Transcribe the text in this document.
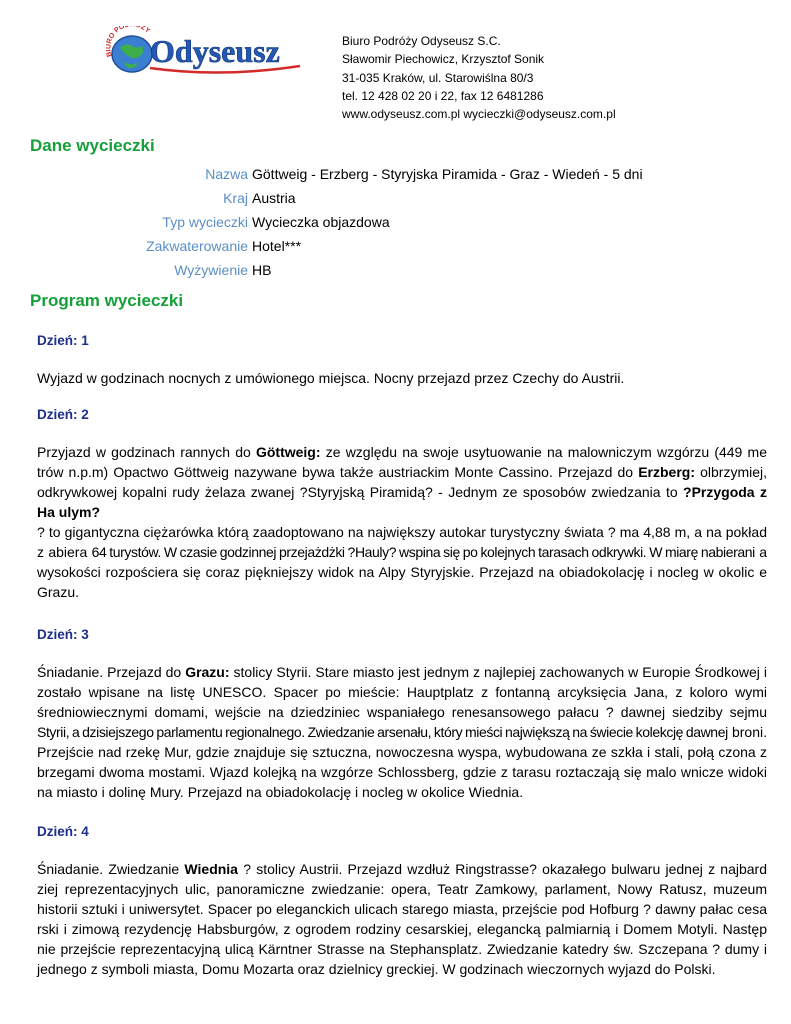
BIURO PO ŻY
Odyseusz	Biuro Podróży Odyseusz S.C.
Sławomir Piechowicz, Krzysztof Sonik
31-035 Kraków, ul. Starowiślna 80/3
tel. 12 428 02 20 i 22, fax 12 6481286
www.odyseusz.com.pl wycieczki@odyseusz.com.pl
Dane wycieczki
Nazwa Göttweig - Erzberg - Styryjska Piramida - Graz - Wiedeń - 5 dni
Kraj Austria
Typ wycieczki Wycieczka objazdowa
Zakwaterowanie Hotel***
Wyżywienie HB
Program wycieczki
Dzień: 1

Wyjazd w godzinach nocnych z umówionego miejsca. Nocny przejazd przez Czechy do Austrii.

Dzień: 2

Przyjazd w godzinach rannych do Göttweig: ze względu na swoje usytuowanie na malowniczym wzgórzu (449 me trów n.p.m) Opactwo Göttweig nazywane bywa także austriackim Monte Cassino. Przejazd do Erzberg: olbrzymiej, odkrywkowej kopalni rudy żelaza zwanej ?Styryjską Piramidą? - Jednym ze sposobów zwiedzania to ?Przygoda z Ha ulym?

? to gigantyczna ciężarówka którą zaadoptowano na największy autokar turystyczny świata ? ma 4,88 m, a na pokład z abiera 64 turystów. W czasie godzinnej przejażdżki ?Hauly? wspina się po kolejnych tarasach odkrywki. W miarę nabierani a wysokości rozpościera się coraz piękniejszy widok na Alpy Styryjskie. Przejazd na obiadokolację i nocleg w okolic e Grazu.

Dzień: 3

Śniadanie. Przejazd do Grazu: stolicy Styrii. Stare miasto jest jednym z najlepiej zachowanych w Europie Środkowej i zostało wpisane na listę UNESCO. Spacer po mieście: Hauptplatz z fontanną arcyksięcia Jana, z koloro wymi średniowiecznymi domami, wejście na dziedziniec wspaniałego renesansowego pałacu ? dawnej siedziby sejmu Styrii, a dzisiejszego parlamentu regionalnego. Zwiedzanie arsenału, który mieści największą na świecie kolekcję dawnej broni. Przejście nad rzekę Mur, gdzie znajduje się sztuczna, nowoczesna wyspa, wybudowana ze szkła i stali, połą czona z brzegami dwoma mostami. Wjazd kolejką na wzgórze Schlossberg, gdzie z tarasu roztaczają się malo wnicze widoki na miasto i dolinę Mury. Przejazd na obiadokolację i nocleg w okolice Wiednia.

Dzień: 4

Śniadanie. Zwiedzanie Wiednia ? stolicy Austrii. Przejazd wzdłuż Ringstrasse? okazałego bulwaru jednej z najbard ziej reprezentacyjnych ulic, panoramiczne zwiedzanie: opera, Teatr Zamkowy, parlament, Nowy Ratusz, muzeum historii sztuki i uniwersytet. Spacer po eleganckich ulicach starego miasta, przejście pod Hofburg ? dawny pałac cesa rski i zimową rezydencję Habsburgów, z ogrodem rodziny cesarskiej, elegancką palmiarnią i Domem Motyli. Następ nie przejście reprezentacyjną ulicą Kärntner Strasse na Stephansplatz. Zwiedzanie katedry św. Szczepana ? dumy i jednego z symboli miasta, Domu Mozarta oraz dzielnicy greckiej. W godzinach wieczornych wyjazd do Polski.
